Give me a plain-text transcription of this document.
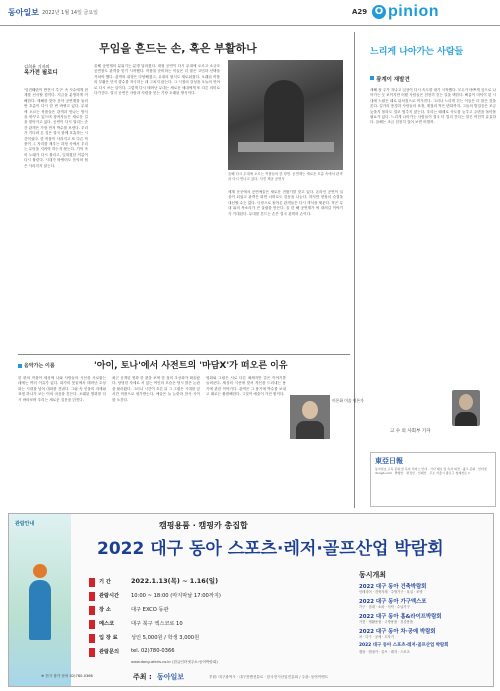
동아일보 2022년 1월 14일 금요일	A29 O pinion
무임을 흔드는 손, 혹은 부활하나
김희윤 기자의
옥가전 필로디
'임진왜란이 반전시 추구' 속 사수에게 현재를 선사할 겸이다. 지금을 분명하게 이해한다. 새해를 맞아 음악 공연계를 둘러싼 흐름이 다시 한 번 바뀌고 있다. 무대에 오르는 작품들은 관객과 만나는 방식을 바꾸고 있으며 창작자들은 새로운 길을 찾아가고 있다. 공연이 다시 열리는 순간 관객은 가장 먼저 박수를 보낸다. 우리가 기다려 온 것은 결국 함께 호흡하는 시간이었다. 한 작품이 사라지고 또 다른 작품이 그 자리를 채우는 과정 속에서 우리는 무엇을 지켜야 하는지 묻는다. 기억 속의 노래가 다시 불리고, 잊혀졌던 이름이 다시 불린다. 시대가 바뀌어도 음악의 힘은 사라지지 않는다.
올해 공연계의 분위기는 분명 달라졌다. 대형 공연이 다시 무대에 오르고 소규모 공연장도 관객을 맞기 시작했다. 작품을 준비하는 이들은 더 많은 고민과 선택을 거쳐야 했다. 관객의 취향은 다양해졌고, 무대의 형식도 새로워졌다. 오래된 작품의 부활은 단지 향수를 자극하는 데 그치지 않는다. 그 시절의 감성을 오늘의 언어로 다시 쓰는 일이다. 그렇게 다시 태어난 무대는 새로운 세대에게 또 다른 의미로 다가간다. 결국 공연은 사람과 사람을 잇는 가장 오래된 방식이다.
올해 다시 무대에 오르는 작품들의 한 장면. 공연계는 새로운 흐름 속에서 관객과 다시 만나고 있다. 사진 제공 공연사
세계 곳곳에서 공연예술은 새로운 전환기를 맞고 있다. 온라인 공연이 일상이 되었고 관객은 화면 너머로도 감동을 나눈다. 하지만 현장의 숨결을 대신할 수는 없다. 극장으로 돌아온 관객들은 다시 객석을 채운다. 작은 무대 위의 목소리가 큰 울림을 만든다. 올 한 해 공연계가 써 내려갈 이야기가 기대된다. 무대를 흔드는 손은 결국 관객의 손이다.
느리게 나아가는 사람들
광계이 재발견
새해 첫 주가 지나고 일상이 다시 속도를 내기 시작했다. 모두가 바쁘게 앞으로 나아가는 듯 보이지만 어떤 사람들은 천천히 걷는 길을 택한다. 빠름이 미덕이 된 시대에 느림은 때로 뒤처짐으로 여겨진다. 그러나 느리게 걷는 이들은 더 많은 것을 본다. 길가의 풍경과 사람들의 표정, 계절의 작은 변화까지. 그들의 발걸음은 조금 늦을지 몰라도 결코 멈추지 않는다. 우리는 때때로 속도를 늦추고 주변을 돌아볼 필요가 있다. 느리게 나아가는 사람들이 결국 더 멀리 간다는 말은 여전히 유효하다. 올해는 조금 천천히 걸어 보면 어떨까.
고 수 의 사회부 기자
음악가는 이름	'아이, 토나'에서 사전트의 '마담X'가 떠오른 이유
한 편의 작품이 세상에 나와 사람들의 시선을 사로잡는 데에는 여러 이유가 있다. 화가의 붓끝에서 태어난 초상화는 시대를 넘어 대화를 건넨다. 그림 속 인물의 자세와 표정 하나가 보는 이의 마음을 흔든다. 오래된 명화를 다시 바라보며 우리는 새로운 질문을 던진다.
최근 공개된 영화 한 편을 보며 한 점의 초상화가 떠올랐다. 당당한 자세로 서 있는 여인의 모습은 당시 많은 논란을 불러왔다. 그러나 시간이 흐른 뒤 그 그림은 시대를 앞서간 작품으로 평가받는다. 예술은 늘 논란과 찬사 사이를 오간다.
영화와 그림은 서로 다른 매체지만 같은 이야기를 들려준다. 세상의 시선에 맞서 자신을 드러내는 용기에 관한 이야기다. 관객은 그 용기에 박수를 보내고 때로는 불편해한다. 그것이 예술이 가진 힘이다.
이은화 미술 평론가
東亞日報
동아일보 구독 문의 및 독자 서비스 안내 · 기사 제보 및 독자 의견 · 광고 문의 · 인터넷 dongA.com · 발행인 · 편집인 · 인쇄인 · 주소 서울시 종로구 청계천로 1
관람안내	캠핑용품 · 캠핑카 총집합
2022 대구 동아 스포츠·레저·골프산업 박람회
기 간	2022.1.13(목) ~ 1.16(일)
관람시간 10:00 ~ 18:00 (마지막날 17:00까지)
장 소	대구 EXCO 동관
메스코	대구 북구 엑스코로 10
입 장 료	성인 5,000원 / 학생 3,000원
관람문의 tel. 02)780-0366
www.dong-afairs.co.kr (한글인터넷주소:동아박람회)
동시개최
2022 대구 동아 건축박람회
인테리어 · 건축자재 · 주방가구 · 욕실 · 조명
2022 대구 동아 가구엑스포
가구 · 침대 · 소파 · 식탁 · 수납가구
2022 대구 동아 홈&라이프박람회
가전 · 생활용품 · 주방용품 · 건강용품
2022 대구 동아 차·공예 박람회
차 · 다구 · 공예 · 도자기
2022 대구 동아 스포츠·레저·골프산업 박람회
캠핑 · 캠핑카 · 골프 · 레저 · 스포츠
※ 전시 참가 문의 02)780-0366	주최 : 동아일보	후원: 대구광역시 · 대구컨벤션뷰로 · 한국전시산업진흥회 / 주관: 동아이벤트
